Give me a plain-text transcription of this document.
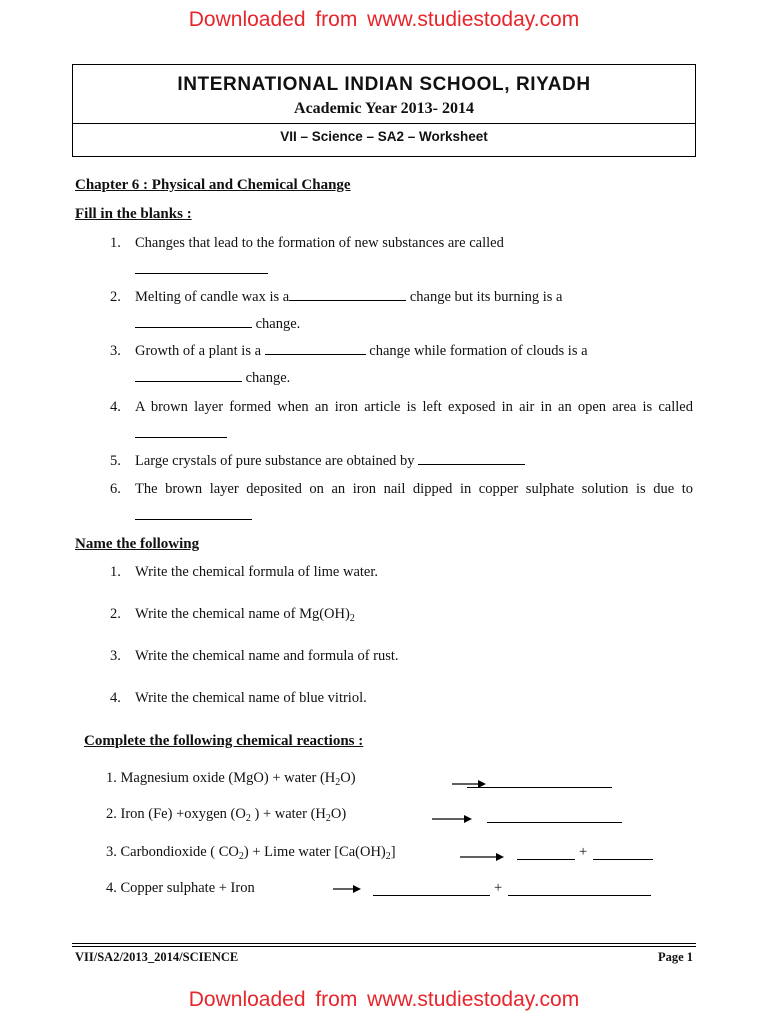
Downloaded from www.studiestoday.com
INTERNATIONAL INDIAN SCHOOL, RIYADH
Academic Year 2013- 2014
VII – Science – SA2 – Worksheet
Chapter 6 : Physical and Chemical Change
Fill in the blanks :
1. Changes that lead to the formation of new substances are called

2. Melting of candle wax is a	change but its burning is a
change.
3. Growth of a plant is a	change while formation of clouds is a
change.
4. A brown layer formed when an iron article is left exposed in air in an open area is called
5. Large crystals of pure substance are obtained by
6. The brown layer deposited on an iron nail dipped in copper sulphate solution is due to
Name the following
1. Write the chemical formula of lime water.
2. Write the chemical name of $Mg(OH)_2$
3. Write the chemical name and formula of rust.
4. Write the chemical name of blue vitriol.
Complete the following chemical reactions :
1. Magnesium oxide (MgO) + water $(H_2O)$
2. Iron (Fe) +oxygen ($O_2$ ) + water $(H_2O)$
3. Carbondioxide ( $CO_2$) + Lime water $[Ca(OH)_2]$	+
4. Copper sulphate + Iron	+
VII/SA2/2013_2014/SCIENCE	Page 1
Downloaded from www.studiestoday.com
